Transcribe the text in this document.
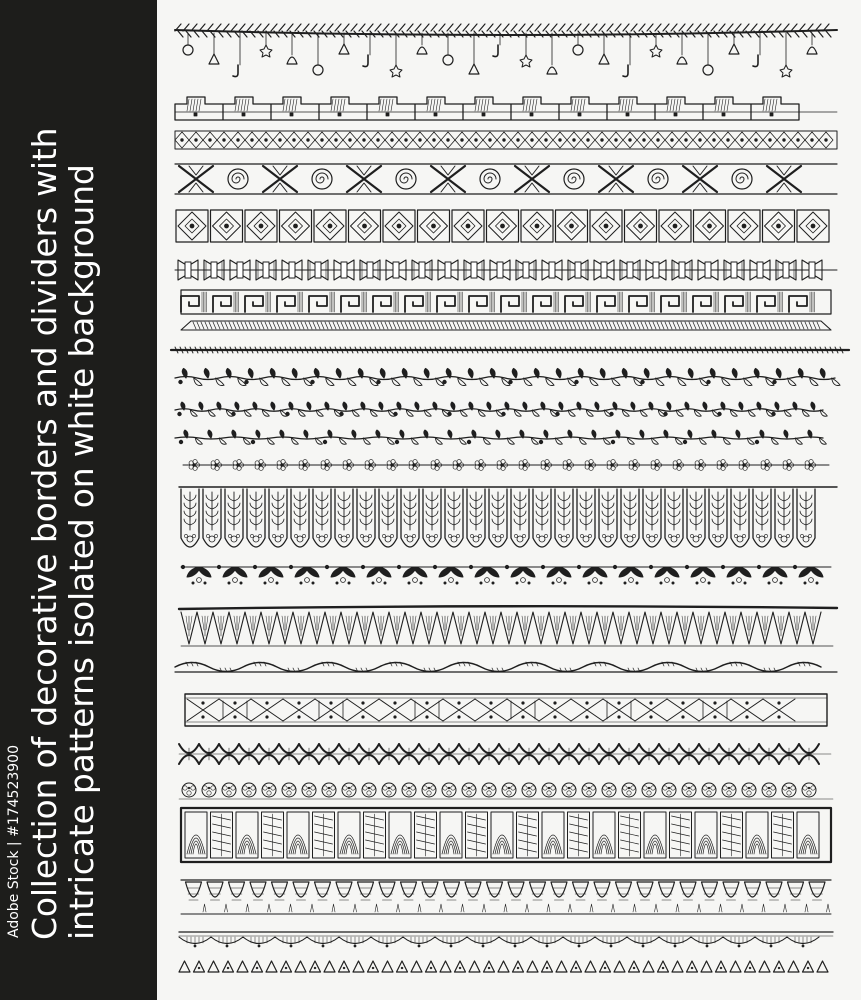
Collection of decorative borders and dividers with
intricate patterns isolated on white background
Adobe Stock | #174523900
